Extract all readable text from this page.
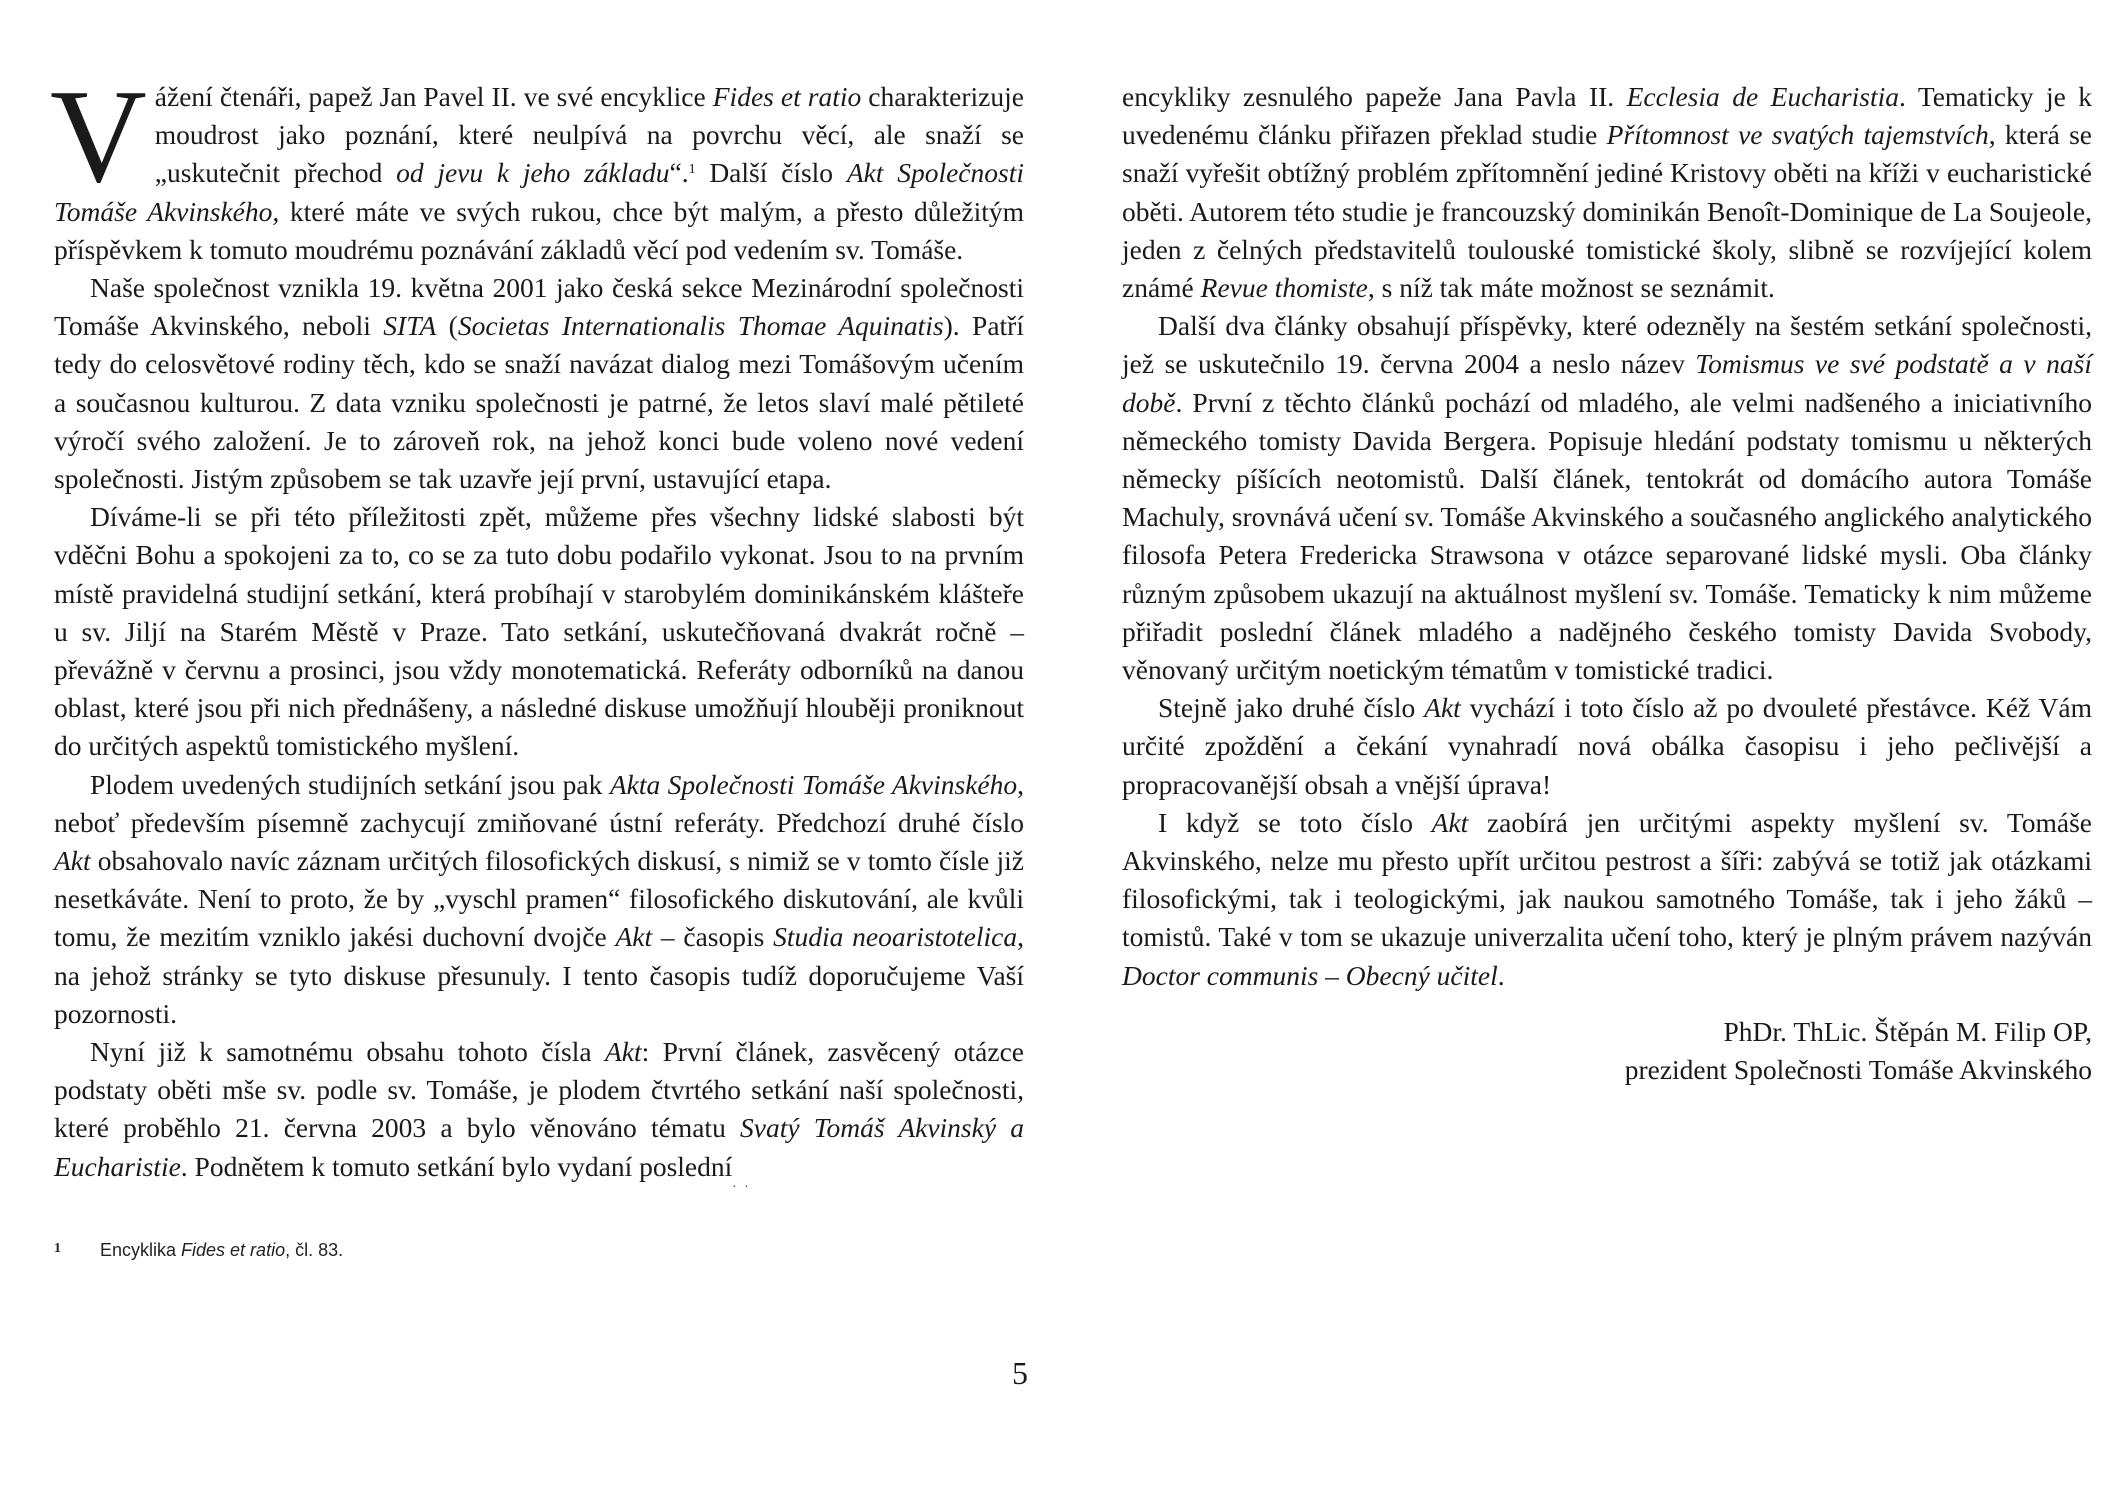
Vážení čtenáři, papež Jan Pavel II. ve své encyklice Fides et ratio charakterizuje moudrost jako poznání, které neulpívá na povrchu věcí, ale snaží se „uskutečnit přechod od jevu k jeho základu“.$^1$ Další číslo Akt Společnosti Tomáše Akvinského, které máte ve svých rukou, chce být malým, a přesto důležitým příspěvkem k tomuto moudrému poznávání základů věcí pod vedením sv. Tomáše.

Naše společnost vznikla 19. května 2001 jako česká sekce Mezinárodní společnosti Tomáše Akvinského, neboli SITA (Societas Internationalis Thomae Aquinatis). Patří tedy do celosvětové rodiny těch, kdo se snaží navázat dialog mezi Tomášovým učením a současnou kulturou. Z data vzniku společnosti je patrné, že letos slaví malé pětileté výročí svého založení. Je to zároveň rok, na jehož konci bude voleno nové vedení společnosti. Jistým způsobem se tak uzavře její první, ustavující etapa.

Díváme-li se při této příležitosti zpět, můžeme přes všechny lidské slabosti být vděčni Bohu a spokojeni za to, co se za tuto dobu podařilo vykonat. Jsou to na prvním místě pravidelná studijní setkání, která probíhají v starobylém dominikánském klášteře u sv. Jiljí na Starém Městě v Praze. Tato setkání, uskutečňovaná dvakrát ročně – převážně v červnu a prosinci, jsou vždy monotematická. Referáty odborníků na danou oblast, které jsou při nich přednášeny, a následné diskuse umožňují hlouběji proniknout do určitých aspektů tomistického myšlení.

Plodem uvedených studijních setkání jsou pak Akta Společnosti Tomáše Akvinského, neboť především písemně zachycují zmiňované ústní referáty. Předchozí druhé číslo Akt obsahovalo navíc záznam určitých filosofických diskusí, s nimiž se v tomto čísle již nesetkáváte. Není to proto, že by „vyschl pramen“ filosofického diskutování, ale kvůli tomu, že mezitím vzniklo jakési duchovní dvojče Akt – časopis Studia neoaristotelica, na jehož stránky se tyto diskuse přesunuly. I tento časopis tudíž doporučujeme Vaší pozornosti.

Nyní již k samotnému obsahu tohoto čísla Akt: První článek, zasvěcený otázce podstaty oběti mše sv. podle sv. Tomáše, je plodem čtvrtého setkání naší společnosti, které proběhlo 21. června 2003 a bylo věnováno tématu Svatý Tomáš Akvinský a Eucharistie. Podnětem k tomuto setkání bylo vydaní poslední

· ·

encykliky zesnulého papeže Jana Pavla II. Ecclesia de Eucharistia. Tematicky je k uvedenému článku přiřazen překlad studie Přítomnost ve svatých tajemstvích, která se snaží vyřešit obtížný problém zpřítomnění jediné Kristovy oběti na kříži v eucharistické oběti. Autorem této studie je francouzský dominikán Benoît-Dominique de La Soujeole, jeden z čelných představitelů toulouské tomistické školy, slibně se rozvíjející kolem známé Revue thomiste, s níž tak máte možnost se seznámit.

Další dva články obsahují příspěvky, které odezněly na šestém setkání společnosti, jež se uskutečnilo 19. června 2004 a neslo název Tomismus ve své podstatě a v naší době. První z těchto článků pochází od mladého, ale velmi nadšeného a iniciativního německého tomisty Davida Bergera. Popisuje hledání podstaty tomismu u některých německy píšících neotomistů. Další článek, tentokrát od domácího autora Tomáše Machuly, srovnává učení sv. Tomáše Akvinského a současného anglického analytického filosofa Petera Fredericka Strawsona v otázce separované lidské mysli. Oba články různým způsobem ukazují na aktuálnost myšlení sv. Tomáše. Tematicky k nim můžeme přiřadit poslední článek mladého a nadějného českého tomisty Davida Svobody, věnovaný určitým noetickým tématům v tomistické tradici.

Stejně jako druhé číslo Akt vychází i toto číslo až po dvouleté přestávce. Kéž Vám určité zpoždění a čekání vynahradí nová obálka časopisu i jeho pečlivější a propracovanější obsah a vnější úprava!

I když se toto číslo Akt zaobírá jen určitými aspekty myšlení sv. Tomáše Akvinského, nelze mu přesto upřít určitou pestrost a šíři: zabývá se totiž jak otázkami filosofickými, tak i teologickými, jak naukou samotného Tomáše, tak i jeho žáků – tomistů. Také v tom se ukazuje univerzalita učení toho, který je plným právem nazýván Doctor communis – Obecný učitel.

PhDr. ThLic. Štěpán M. Filip OP,
prezident Společnosti Tomáše Akvinského
1 Encyklika Fides et ratio, čl. 83.
5
